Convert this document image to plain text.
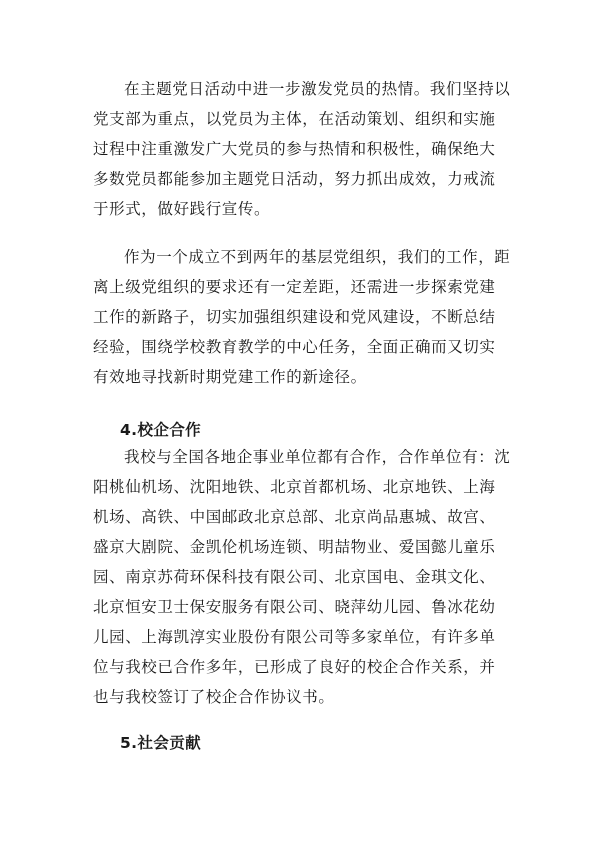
在主题党日活动中进一步激发党员的热情。我们坚持以
党支部为重点，以党员为主体，在活动策划、组织和实施
过程中注重激发广大党员的参与热情和积极性，确保绝大
多数党员都能参加主题党日活动，努力抓出成效，力戒流
于形式，做好践行宣传。

作为一个成立不到两年的基层党组织，我们的工作，距
离上级党组织的要求还有一定差距，还需进一步探索党建
工作的新路子，切实加强组织建设和党风建设，不断总结
经验，围绕学校教育教学的中心任务，全面正确而又切实
有效地寻找新时期党建工作的新途径。

4.校企合作

我校与全国各地企事业单位都有合作，合作单位有：沈
阳桃仙机场、沈阳地铁、北京首都机场、北京地铁、上海
机场、高铁、中国邮政北京总部、北京尚品惠城、故宫、
盛京大剧院、金凯伦机场连锁、明喆物业、爱国懿儿童乐
园、南京苏荷环保科技有限公司、北京国电、金琪文化、
北京恒安卫士保安服务有限公司、晓萍幼儿园、鲁冰花幼
儿园、上海凯淳实业股份有限公司等多家单位，有许多单
位与我校已合作多年，已形成了良好的校企合作关系，并
也与我校签订了校企合作协议书。

5.社会贡献
